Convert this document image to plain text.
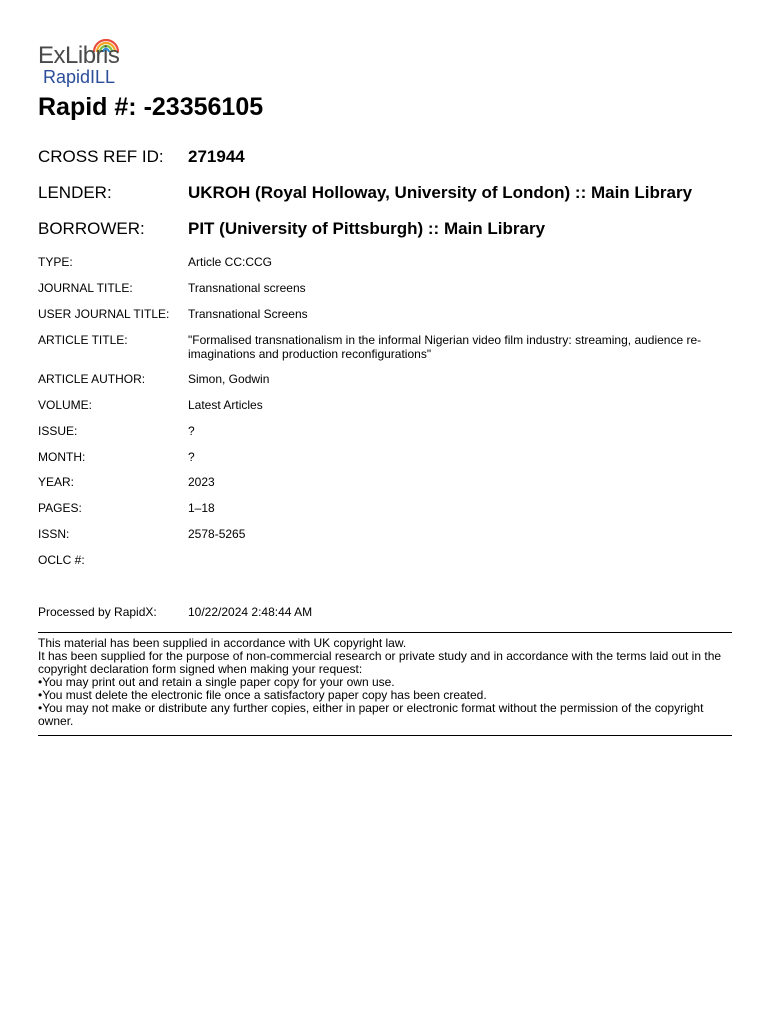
ExLibris
RapidILL
Rapid #: -23356105
CROSS REF ID: 271944
LENDER:	UKROH (Royal Holloway, University of London) :: Main Library
BORROWER:	PIT (University of Pittsburgh) :: Main Library
TYPE:	Article CC:CCG
JOURNAL TITLE:	Transnational screens
USER JOURNAL TITLE: Transnational Screens
ARTICLE TITLE:	"Formalised transnationalism in the informal Nigerian video film industry: streaming, audience re-imaginations and production reconfigurations"
ARTICLE AUTHOR:	Simon, Godwin
VOLUME:	Latest Articles
ISSUE:	?
MONTH:	?
YEAR:	2023
PAGES:	1–18
ISSN:	2578-5265
OCLC #:
Processed by RapidX:	10/22/2024 2:48:44 AM
This material has been supplied in accordance with UK copyright law.
It has been supplied for the purpose of non-commercial research or private study and in accordance with the terms laid out in the copyright declaration form signed when making your request:
•You may print out and retain a single paper copy for your own use.
•You must delete the electronic file once a satisfactory paper copy has been created.
•You may not make or distribute any further copies, either in paper or electronic format without the permission of the copyright owner.
